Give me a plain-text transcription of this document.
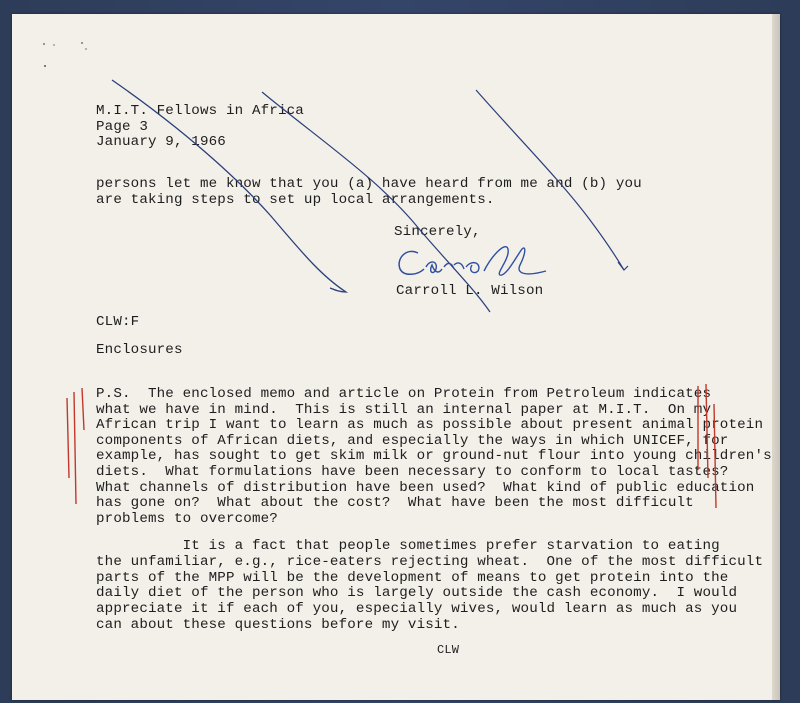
M.I.T. Fellows in Africa
Page 3
January 9, 1966
persons let me know that you (a) have heard from me and (b) you
are taking steps to set up local arrangements.
Sincerely,
Carroll L. Wilson
CLW:F
Enclosures
P.S.  The enclosed memo and article on Protein from Petroleum indicates
what we have in mind.  This is still an internal paper at M.I.T.  On my
African trip I want to learn as much as possible about present animal protein
components of African diets, and especially the ways in which UNICEF, for
example, has sought to get skim milk or ground-nut flour into young children's
diets.  What formulations have been necessary to conform to local tastes?
What channels of distribution have been used?  What kind of public education
has gone on?  What about the cost?  What have been the most difficult
problems to overcome?
It is a fact that people sometimes prefer starvation to eating
the unfamiliar, e.g., rice-eaters rejecting wheat.  One of the most difficult
parts of the MPP will be the development of means to get protein into the
daily diet of the person who is largely outside the cash economy.  I would
appreciate it if each of you, especially wives, would learn as much as you
can about these questions before my visit.
CLW
